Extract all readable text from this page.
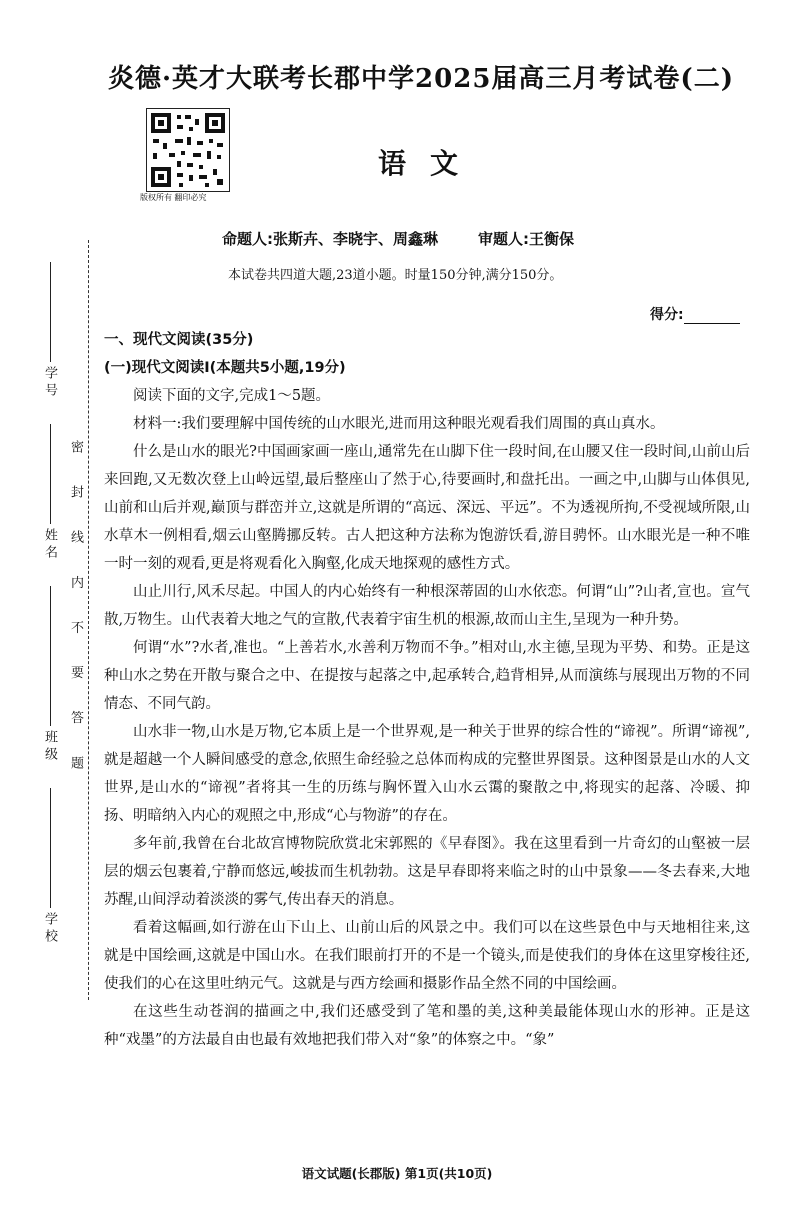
炎德·英才大联考长郡中学2025届高三月考试卷(二)
版权所有 翻印必究
语文
命题人:张斯卉、李晓宇、周鑫琳	审题人:王衡保
本试卷共四道大题,23道小题。时量150分钟,满分150分。
得分:
学号
姓名
班级
学校
密 封 线 内 不 要 答 题

一、现代文阅读(35分)

(一)现代文阅读Ⅰ(本题共5小题,19分)

阅读下面的文字,完成1～5题。

材料一:我们要理解中国传统的山水眼光,进而用这种眼光观看我们周围的真山真水。

什么是山水的眼光?中国画家画一座山,通常先在山脚下住一段时间,在山腰又住一段时间,山前山后来回跑,又无数次登上山岭远望,最后整座山了然于心,待要画时,和盘托出。一画之中,山脚与山体俱见,山前和山后并观,巅顶与群峦并立,这就是所谓的“高远、深远、平远”。不为透视所拘,不受视域所限,山水草木一例相看,烟云山壑腾挪反转。古人把这种方法称为饱游饫看,游目骋怀。山水眼光是一种不唯一时一刻的观看,更是将观看化入胸壑,化成天地探观的感性方式。

山止川行,风禾尽起。中国人的内心始终有一种根深蒂固的山水依恋。何谓“山”?山者,宣也。宣气散,万物生。山代表着大地之气的宣散,代表着宇宙生机的根源,故而山主生,呈现为一种升势。

何谓“水”?水者,准也。“上善若水,水善利万物而不争。”相对山,水主德,呈现为平势、和势。正是这种山水之势在开散与聚合之中、在提按与起落之中,起承转合,趋背相异,从而演练与展现出万物的不同情态、不同气韵。

山水非一物,山水是万物,它本质上是一个世界观,是一种关于世界的综合性的“谛视”。所谓“谛视”,就是超越一个人瞬间感受的意念,依照生命经验之总体而构成的完整世界图景。这种图景是山水的人文世界,是山水的“谛视”者将其一生的历练与胸怀置入山水云霭的聚散之中,将现实的起落、冷暖、抑扬、明暗纳入内心的观照之中,形成“心与物游”的存在。

多年前,我曾在台北故宫博物院欣赏北宋郭熙的《早春图》。我在这里看到一片奇幻的山壑被一层层的烟云包裹着,宁静而悠远,峻拔而生机勃勃。这是早春即将来临之时的山中景象——冬去春来,大地苏醒,山间浮动着淡淡的雾气,传出春天的消息。

看着这幅画,如行游在山下山上、山前山后的风景之中。我们可以在这些景色中与天地相往来,这就是中国绘画,这就是中国山水。在我们眼前打开的不是一个镜头,而是使我们的身体在这里穿梭往还,使我们的心在这里吐纳元气。这就是与西方绘画和摄影作品全然不同的中国绘画。

在这些生动苍润的描画之中,我们还感受到了笔和墨的美,这种美最能体现山水的形神。正是这种“戏墨”的方法最自由也最有效地把我们带入对“象”的体察之中。“象”

语文试题(长郡版) 第1页(共10页)
